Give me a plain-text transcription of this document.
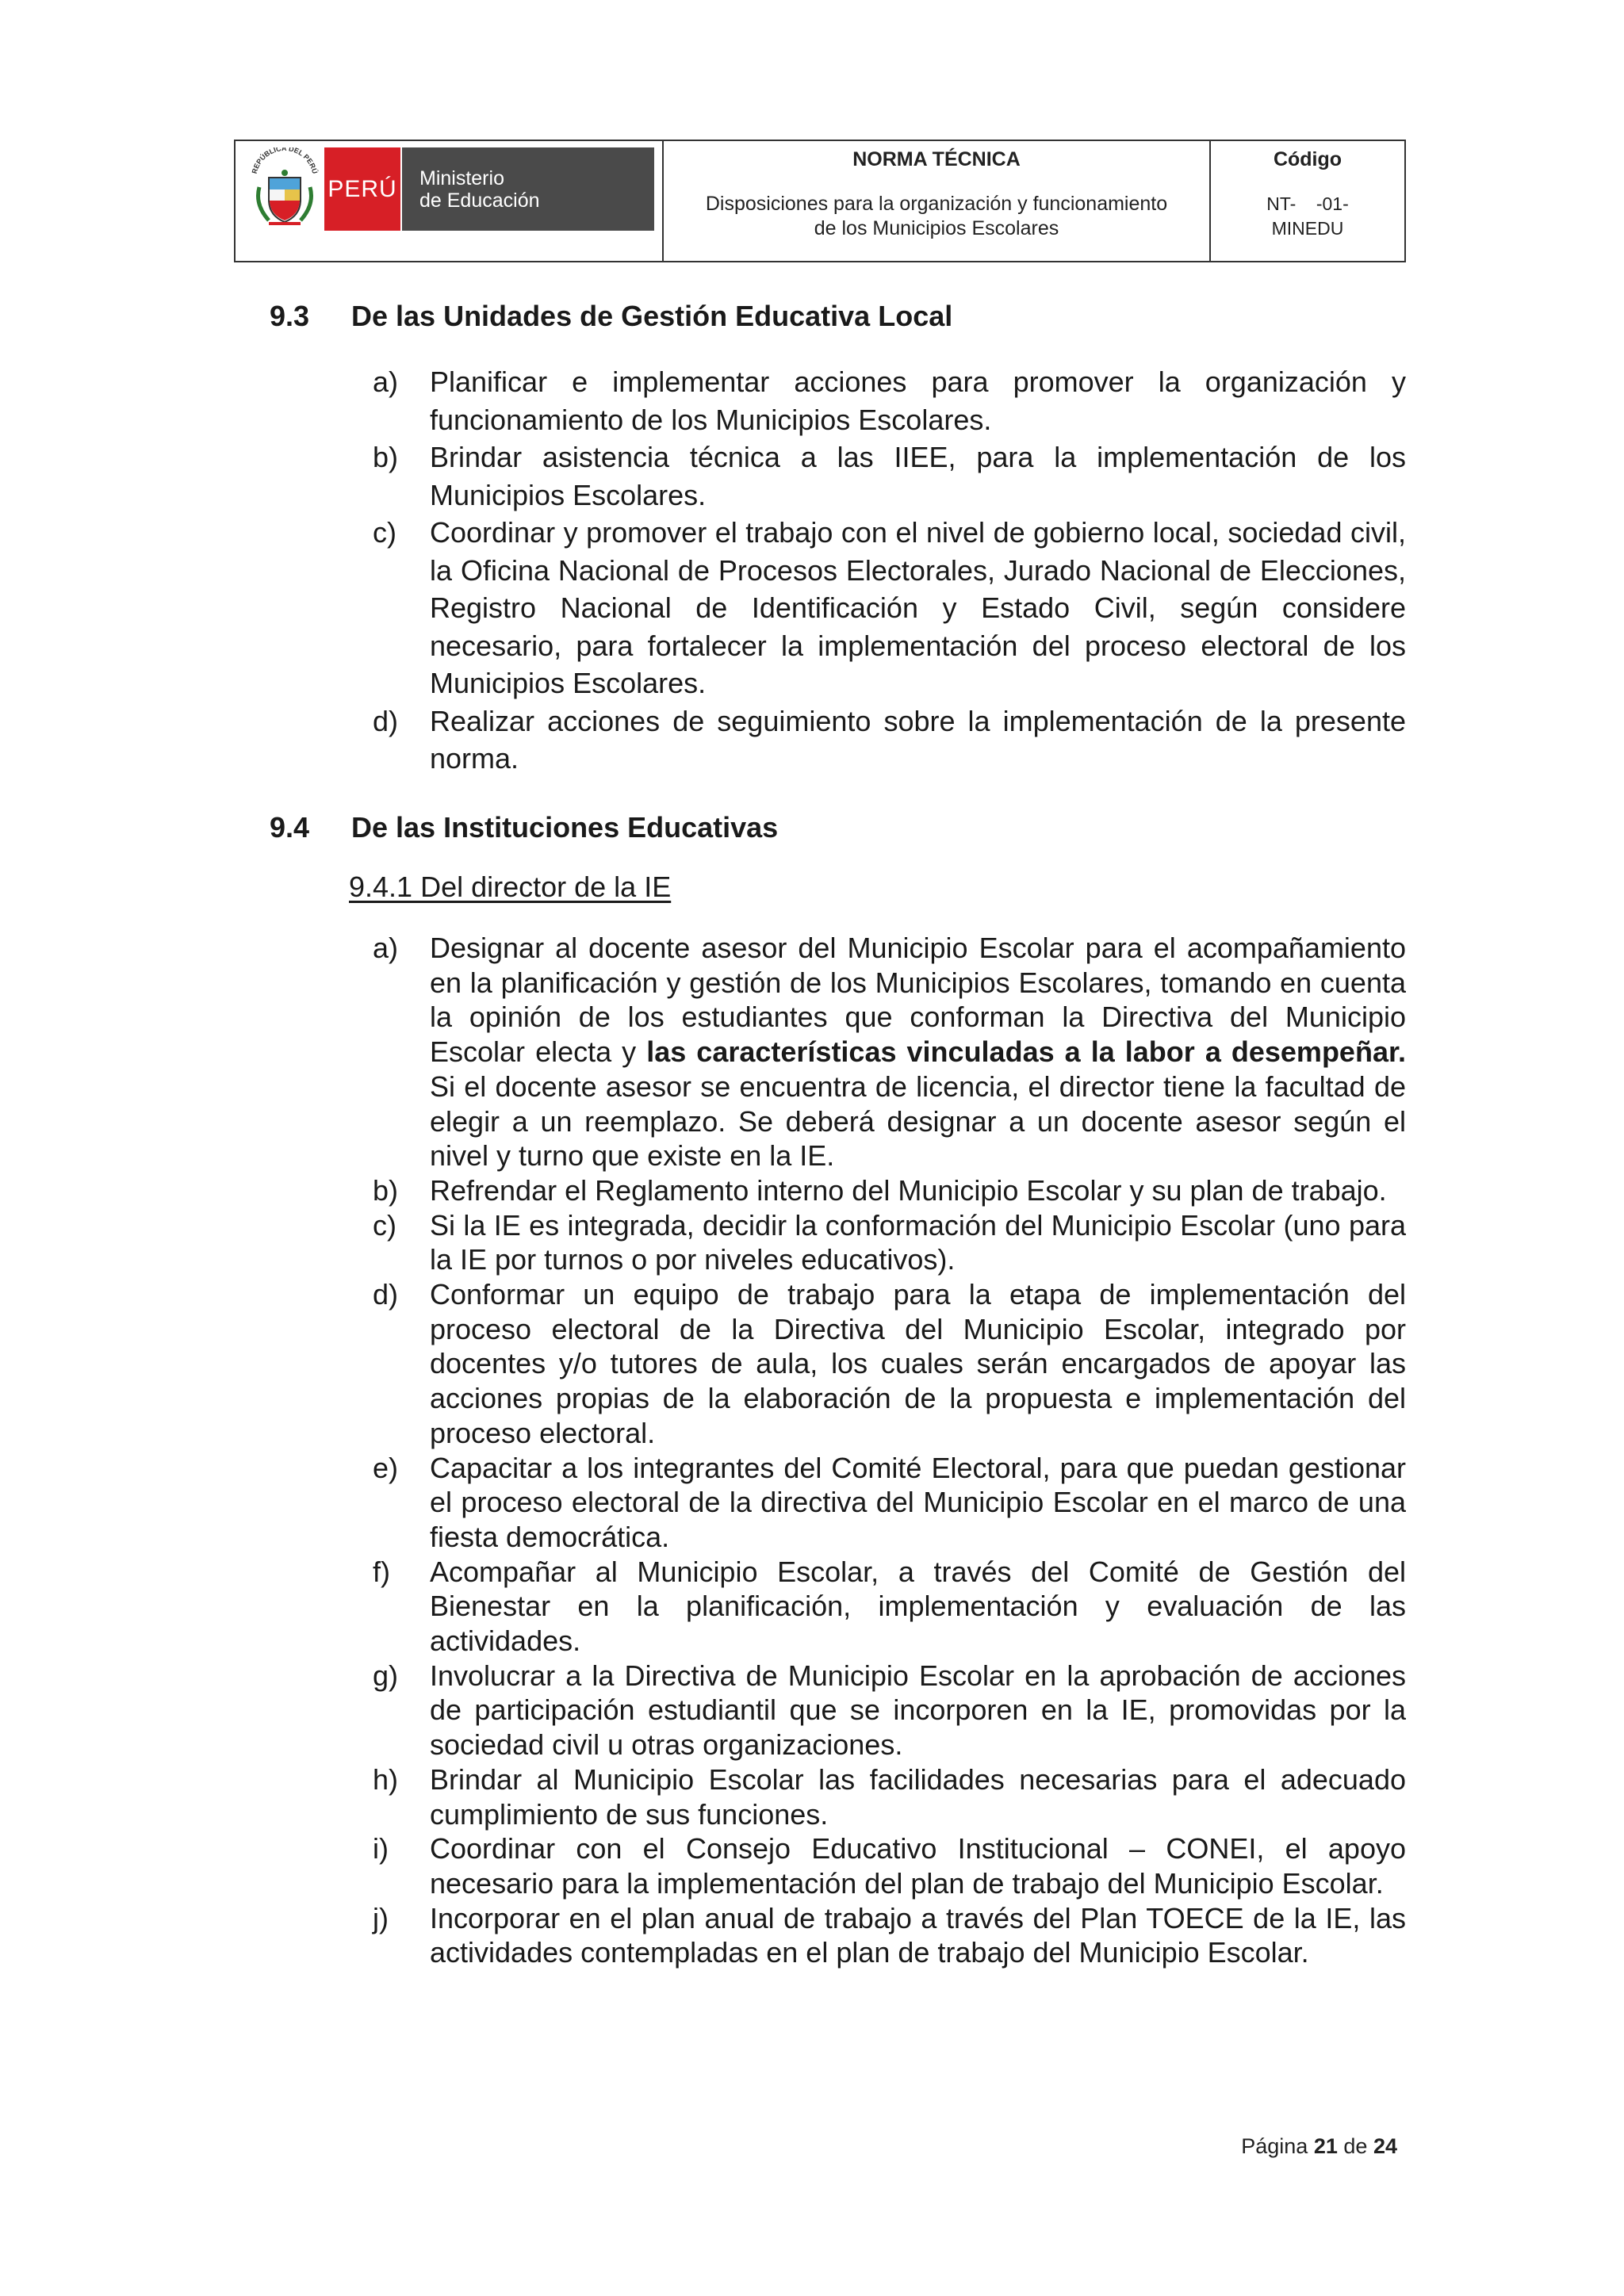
REPÚBLICA DEL PERÚ
PERÚ Ministerio
de Educación
NORMA TÉCNICA
Disposiciones para la organización y funcionamiento
de los Municipios Escolares
Código
NT-    -01-
MINEDU
9.3	De las Unidades de Gestión Educativa Local
a) Planificar e implementar acciones para promover la organización y funcionamiento de los Municipios Escolares.
b) Brindar asistencia técnica a las IIEE, para la implementación de los Municipios Escolares.
c) Coordinar y promover el trabajo con el nivel de gobierno local, sociedad civil, la Oficina Nacional de Procesos Electorales, Jurado Nacional de Elecciones, Registro Nacional de Identificación y Estado Civil, según considere necesario, para fortalecer la implementación del proceso electoral de los Municipios Escolares.
d) Realizar acciones de seguimiento sobre la implementación de la presente norma.
9.4	De las Instituciones Educativas
9.4.1 Del director de la IE
a) Designar al docente asesor del Municipio Escolar para el acompañamiento en la planificación y gestión de los Municipios Escolares, tomando en cuenta la opinión de los estudiantes que conforman la Directiva del Municipio Escolar electa y las características vinculadas a la labor a desempeñar. Si el docente asesor se encuentra de licencia, el director tiene la facultad de elegir a un reemplazo. Se deberá designar a un docente asesor según el nivel y turno que existe en la IE.
b) Refrendar el Reglamento interno del Municipio Escolar y su plan de trabajo.
c) Si la IE es integrada, decidir la conformación del Municipio Escolar (uno para la IE por turnos o por niveles educativos).
d) Conformar un equipo de trabajo para la etapa de implementación del proceso electoral de la Directiva del Municipio Escolar, integrado por docentes y/o tutores de aula, los cuales serán encargados de apoyar las acciones propias de la elaboración de la propuesta e implementación del proceso electoral.
e) Capacitar a los integrantes del Comité Electoral, para que puedan gestionar el proceso electoral de la directiva del Municipio Escolar en el marco de una fiesta democrática.
f) Acompañar al Municipio Escolar, a través del Comité de Gestión del Bienestar en la planificación, implementación y evaluación de las actividades.
g) Involucrar a la Directiva de Municipio Escolar en la aprobación de acciones de participación estudiantil que se incorporen en la IE, promovidas por la sociedad civil u otras organizaciones.
h) Brindar al Municipio Escolar las facilidades necesarias para el adecuado cumplimiento de sus funciones.
i) Coordinar con el Consejo Educativo Institucional – CONEI, el apoyo necesario para la implementación del plan de trabajo del Municipio Escolar.
j) Incorporar en el plan anual de trabajo a través del Plan TOECE de la IE, las actividades contempladas en el plan de trabajo del Municipio Escolar.
Página 21 de 24
